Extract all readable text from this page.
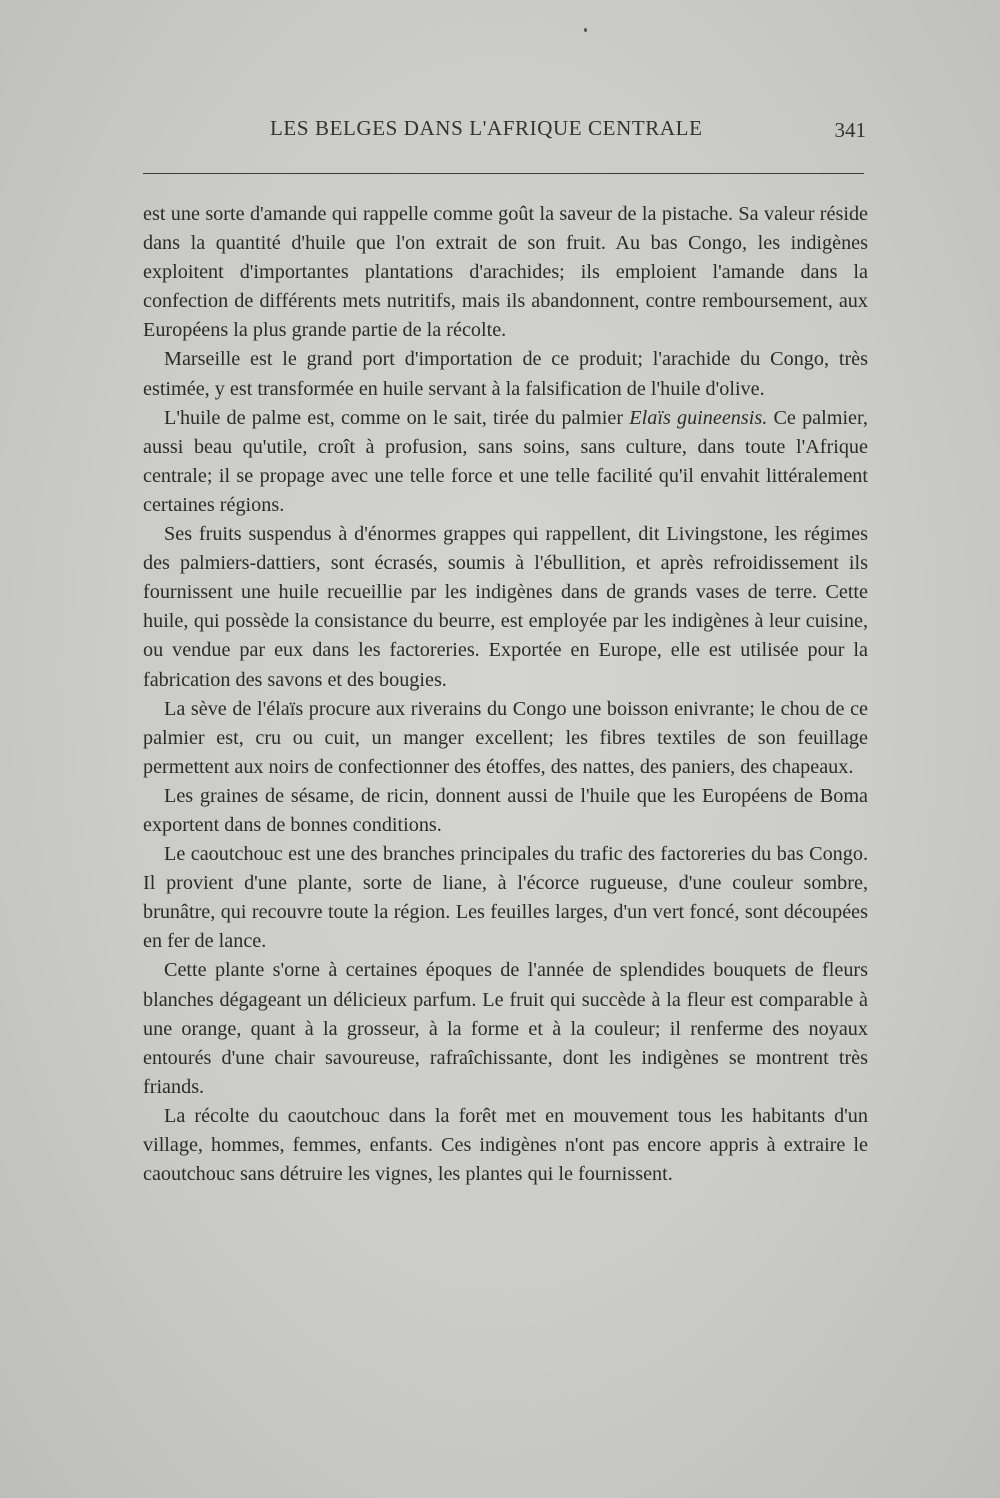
LES BELGES DANS L'AFRIQUE CENTRALE	341

est une sorte d'amande qui rappelle comme goût la saveur de la pistache. Sa valeur réside dans la quantité d'huile que l'on extrait de son fruit. Au bas Congo, les indigènes exploitent d'importantes plantations d'arachides; ils emploient l'amande dans la confection de différents mets nutritifs, mais ils abandonnent, contre remboursement, aux Européens la plus grande partie de la récolte.

Marseille est le grand port d'importation de ce produit; l'arachide du Congo, très estimée, y est transformée en huile servant à la falsification de l'huile d'olive.

L'huile de palme est, comme on le sait, tirée du palmier Elaïs guineensis. Ce palmier, aussi beau qu'utile, croît à profusion, sans soins, sans culture, dans toute l'Afrique centrale; il se propage avec une telle force et une telle facilité qu'il envahit littéralement certaines régions.

Ses fruits suspendus à d'énormes grappes qui rappellent, dit Livingstone, les régimes des palmiers-dattiers, sont écrasés, soumis à l'ébullition, et après refroidissement ils fournissent une huile recueillie par les indigènes dans de grands vases de terre. Cette huile, qui possède la consistance du beurre, est employée par les indigènes à leur cuisine, ou vendue par eux dans les factoreries. Exportée en Europe, elle est utilisée pour la fabrication des savons et des bougies.

La sève de l'élaïs procure aux riverains du Congo une boisson enivrante; le chou de ce palmier est, cru ou cuit, un manger excellent; les fibres textiles de son feuillage permettent aux noirs de confectionner des étoffes, des nattes, des paniers, des chapeaux.

Les graines de sésame, de ricin, donnent aussi de l'huile que les Européens de Boma exportent dans de bonnes conditions.

Le caoutchouc est une des branches principales du trafic des factoreries du bas Congo. Il provient d'une plante, sorte de liane, à l'écorce rugueuse, d'une couleur sombre, brunâtre, qui recouvre toute la région. Les feuilles larges, d'un vert foncé, sont découpées en fer de lance.

Cette plante s'orne à certaines époques de l'année de splendides bouquets de fleurs blanches dégageant un délicieux parfum. Le fruit qui succède à la fleur est comparable à une orange, quant à la grosseur, à la forme et à la couleur; il renferme des noyaux entourés d'une chair savoureuse, rafraîchissante, dont les indigènes se montrent très friands.

La récolte du caoutchouc dans la forêt met en mouvement tous les habitants d'un village, hommes, femmes, enfants. Ces indigènes n'ont pas encore appris à extraire le caoutchouc sans détruire les vignes, les plantes qui le fournissent.
